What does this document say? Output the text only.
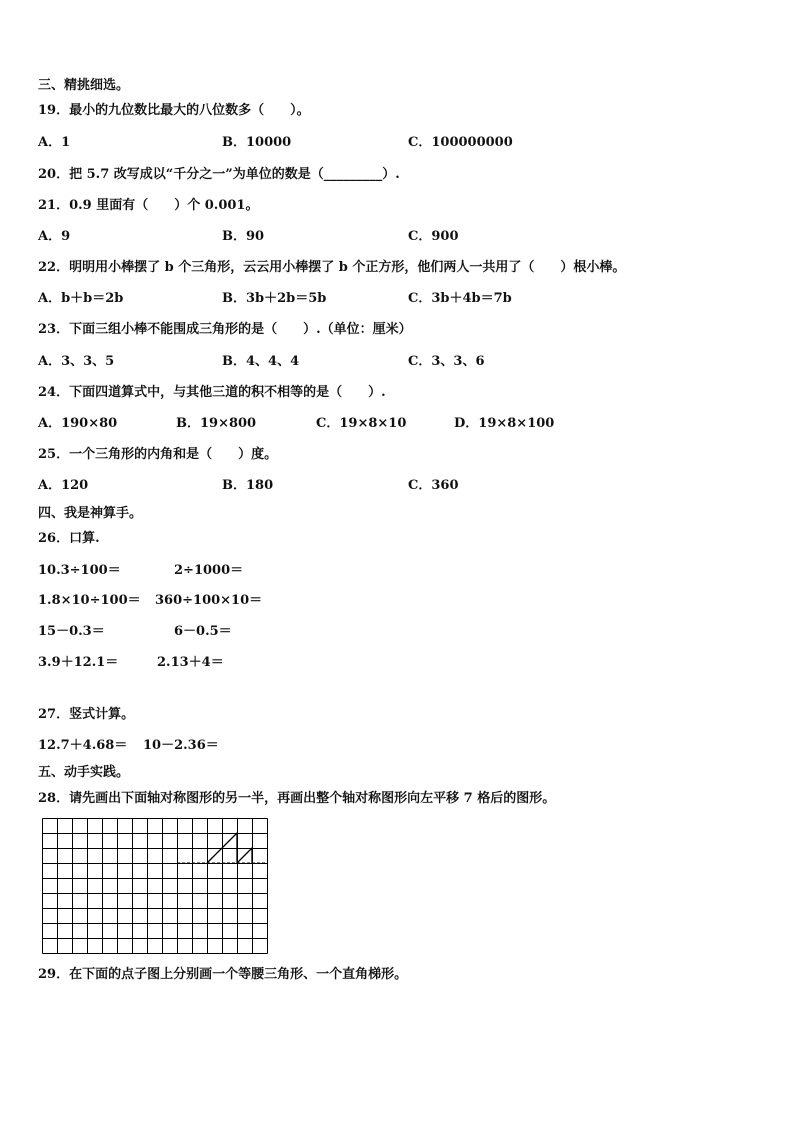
三、精挑细选。
19．最小的九位数比最大的八位数多（　　）。
A．1	B．10000	C．100000000
20．把 5.7 改写成以“千分之一”为单位的数是（_________）.
21．0.9 里面有（　　）个 0.001。
A．9	B．90	C．900
22．明明用小棒摆了 b 个三角形，云云用小棒摆了 b 个正方形，他们两人一共用了（　　）根小棒。
A．b＋b＝2b	B．3b＋2b＝5b	C．3b＋4b＝7b
23．下面三组小棒不能围成三角形的是（　　）.（单位：厘米）
A．3、3、5	B．4、4、4	C．3、3、6
24．下面四道算式中，与其他三道的积不相等的是（　　）.
A．190×80	B．19×800	C．19×8×10	D．19×8×100
25．一个三角形的内角和是（　　）度。
A．120	B．180	C．360
四、我是神算手。
26．口算.
10.3÷100＝	2÷1000＝
1.8×10÷100＝ 360÷100×10＝
15－0.3＝	6－0.5＝
3.9＋12.1＝	2.13＋4＝
27．竖式计算。
12.7＋4.68＝ 10－2.36＝
五、动手实践。
28．请先画出下面轴对称图形的另一半，再画出整个轴对称图形向左平移 7 格后的图形。
29．在下面的点子图上分别画一个等腰三角形、一个直角梯形。
